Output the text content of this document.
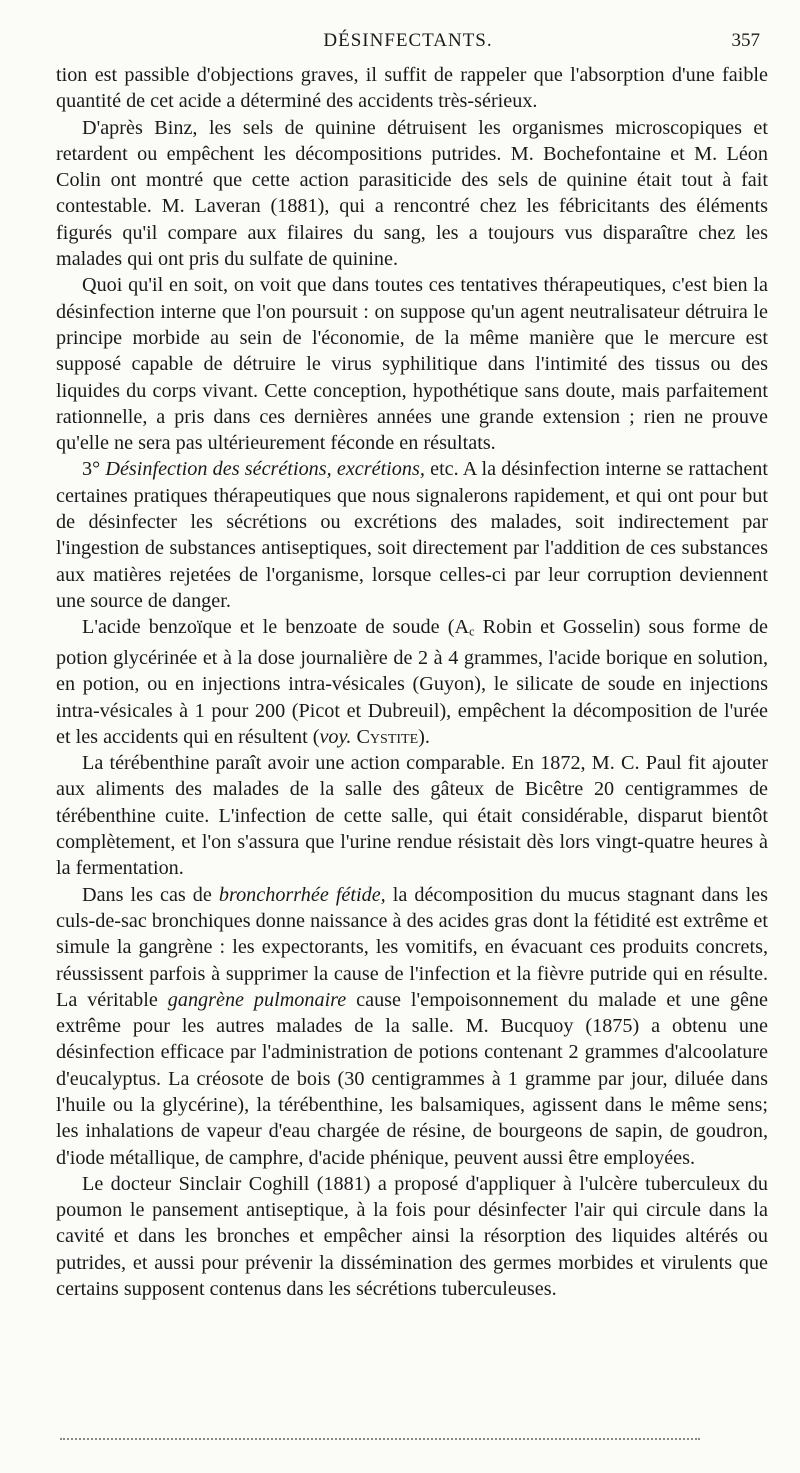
DÉSINFECTANTS.	357

tion est passible d'objections graves, il suffit de rappeler que l'absorption d'une faible quantité de cet acide a déterminé des accidents très-sérieux.

D'après Binz, les sels de quinine détruisent les organismes microscopiques et retardent ou empêchent les décompositions putrides. M. Bochefontaine et M. Léon Colin ont montré que cette action parasiticide des sels de quinine était tout à fait contestable. M. Laveran (1881), qui a rencontré chez les fébricitants des éléments figurés qu'il compare aux filaires du sang, les a toujours vus disparaître chez les malades qui ont pris du sulfate de quinine.

Quoi qu'il en soit, on voit que dans toutes ces tentatives thérapeutiques, c'est bien la désinfection interne que l'on poursuit : on suppose qu'un agent neutralisateur détruira le principe morbide au sein de l'économie, de la même manière que le mercure est supposé capable de détruire le virus syphilitique dans l'intimité des tissus ou des liquides du corps vivant. Cette conception, hypothétique sans doute, mais parfaitement rationnelle, a pris dans ces dernières années une grande extension ; rien ne prouve qu'elle ne sera pas ultérieurement féconde en résultats.

3° Désinfection des sécrétions, excrétions, etc. A la désinfection interne se rattachent certaines pratiques thérapeutiques que nous signalerons rapidement, et qui ont pour but de désinfecter les sécrétions ou excrétions des malades, soit indirectement par l'ingestion de substances antiseptiques, soit directement par l'addition de ces substances aux matières rejetées de l'organisme, lorsque celles-ci par leur corruption deviennent une source de danger.

L'acide benzoïque et le benzoate de soude ($A_c$ Robin et Gosselin) sous forme de potion glycérinée et à la dose journalière de 2 à 4 grammes, l'acide borique en solution, en potion, ou en injections intra-vésicales (Guyon), le silicate de soude en injections intra-vésicales à 1 pour 200 (Picot et Dubreuil), empêchent la décomposition de l'urée et les accidents qui en résultent (voy. Cystite).

La térébenthine paraît avoir une action comparable. En 1872, M. C. Paul fit ajouter aux aliments des malades de la salle des gâteux de Bicêtre 20 centigrammes de térébenthine cuite. L'infection de cette salle, qui était considérable, disparut bientôt complètement, et l'on s'assura que l'urine rendue résistait dès lors vingt-quatre heures à la fermentation.

Dans les cas de bronchorrhée fétide, la décomposition du mucus stagnant dans les culs-de-sac bronchiques donne naissance à des acides gras dont la fétidité est extrême et simule la gangrène : les expectorants, les vomitifs, en évacuant ces produits concrets, réussissent parfois à supprimer la cause de l'infection et la fièvre putride qui en résulte. La véritable gangrène pulmonaire cause l'empoisonnement du malade et une gêne extrême pour les autres malades de la salle. M. Bucquoy (1875) a obtenu une désinfection efficace par l'administration de potions contenant 2 grammes d'alcoolature d'eucalyptus. La créosote de bois (30 centigrammes à 1 gramme par jour, diluée dans l'huile ou la glycérine), la térébenthine, les balsamiques, agissent dans le même sens; les inhalations de vapeur d'eau chargée de résine, de bourgeons de sapin, de goudron, d'iode métallique, de camphre, d'acide phénique, peuvent aussi être employées.

Le docteur Sinclair Coghill (1881) a proposé d'appliquer à l'ulcère tuberculeux du poumon le pansement antiseptique, à la fois pour désinfecter l'air qui circule dans la cavité et dans les bronches et empêcher ainsi la résorption des liquides altérés ou putrides, et aussi pour prévenir la dissémination des germes morbides et virulents que certains supposent contenus dans les sécrétions tuberculeuses.
